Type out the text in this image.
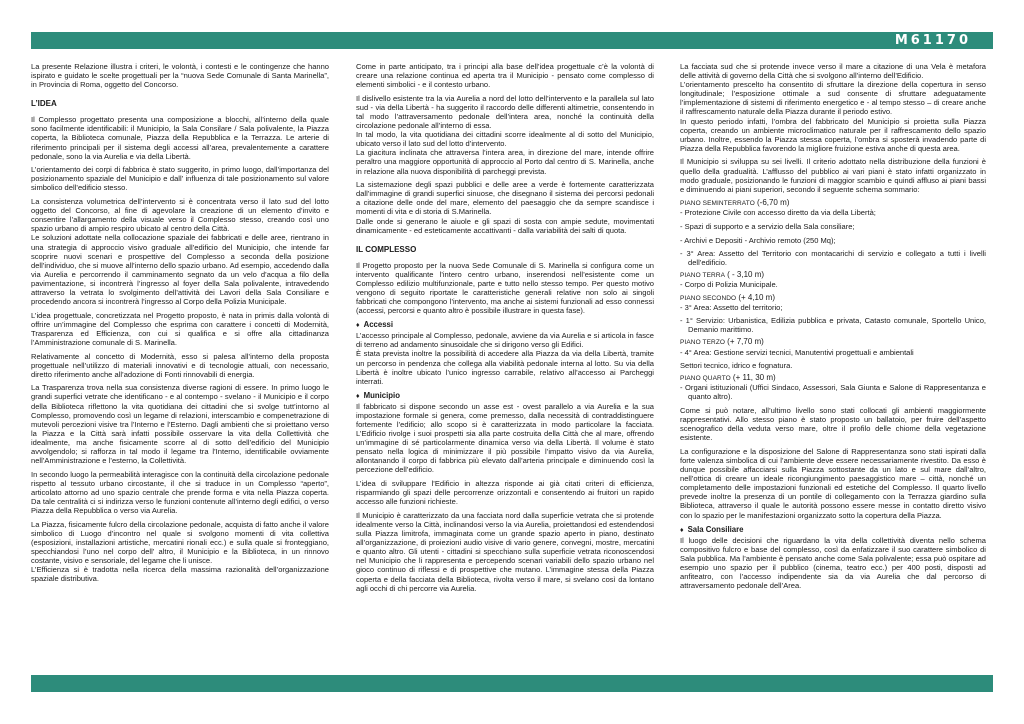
M61170

La presente Relazione illustra i criteri, le volontà, i contesti e le contingenze che hanno ispirato e guidato le scelte progettuali per la “nuova Sede Comunale di Santa Marinella”, in Provincia di Roma, oggetto del Concorso.

L’IDEA

Il Complesso progettato presenta una composizione a blocchi, all’interno della quale sono facilmente identificabili: il Municipio, la Sala Consilare / Sala polivalente, la Piazza coperta, la Biblioteca comunale, Piazza della Repubblica e la Terrazza. Le arterie di riferimento principali per il sistema degli accessi all’area, prevalentemente a carattere pedonale, sono la via Aurelia e via della Libertà.

L’orientamento dei corpi di fabbrica è stato suggerito, in primo luogo, dall’importanza del posizionamento spaziale del Municipio e dall’ influenza di tale posizionamento sul valore simbolico dell’edificio stesso.

La consistenza volumetrica dell’intervento si è concentrata verso il lato sud del lotto oggetto del Concorso, al fine di agevolare la creazione di un elemento d’invito e consentire l’allargamento della visuale verso il Complesso stesso, creando così uno spazio urbano di ampio respiro ubicato al centro della Città.

Le soluzioni adottate nella collocazione spaziale dei fabbricati e delle aree, rientrano in una strategia di approccio visivo graduale all’edificio del Municipio, che intende far scoprire nuovi scenari e prospettive del Complesso a seconda della posizione dell’individuo, che si muove all’interno dello spazio urbano. Ad esempio, accedendo dalla via Aurelia e percorrendo il camminamento segnato da un velo d’acqua a filo della pavimentazione, si incontrerà l’ingresso al foyer della Sala polivalente, intravedendo attraverso la vetrata lo svolgimento dell’attività dei Lavori della Sala Consiliare e procedendo ancora si incontrerà l’ingresso al Corpo della Polizia Municipale.

L’idea progettuale, concretizzata nel Progetto proposto, è nata in primis dalla volontà di offrire un’immagine del Complesso che esprima con carattere i concetti di Modernità, Trasparenza ed Efficienza, con cui si qualifica e si offre alla cittadinanza l’Amministrazione comunale di S. Marinella.

Relativamente al concetto di Modernità, esso si palesa all’interno della proposta progettuale nell’utilizzo di materiali innovativi e di tecnologie attuali, con necessario, diretto riferimento anche all’adozione di Fonti rinnovabili di energia.

La Trasparenza trova nella sua consistenza diverse ragioni di essere. In primo luogo le grandi superfici vetrate che identificano - e al contempo - svelano - il Municipio e il corpo della Biblioteca riflettono la vita quotidiana dei cittadini che si svolge tutt’intorno al Complesso, promovendo così un legame di relazioni, interscambio e compenetrazione di mutevoli percezioni visive tra l’Interno e l’Esterno. Dagli ambienti che si proiettano verso la Piazza e la Città sarà infatti possibile osservare la vita della Collettività che idealmente, ma anche fisicamente scorre al di sotto dell’edificio del Municipio avvolgendolo; si rafforza in tal modo il legame tra l’Interno, identificabile ovviamente nell’Amministrazione e l’esterno, la Collettività.

In secondo luogo la permeabilità interagisce con la continuità della circolazione pedonale rispetto al tessuto urbano circostante, il che si traduce in un Complesso “aperto”, articolato attorno ad uno spazio centrale che prende forma e vita nella Piazza coperta. Da tale centralità ci si indirizza verso le funzioni contenute all’interno degli edifici, o verso Piazza della Repubblica o verso via Aurelia.

La Piazza, fisicamente fulcro della circolazione pedonale, acquista di fatto anche il valore simbolico di Luogo d’incontro nel quale si svolgono momenti di vita collettiva (esposizioni, installazioni artistiche, mercatini rionali ecc.) e sulla quale si fronteggiano, specchiandosi l’uno nel corpo dell’ altro, il Municipio e la Biblioteca, in un rinnovo costante, visivo e sensoriale, del legame che li unisce.

L’Efficienza si è tradotta nella ricerca della massima razionalità dell’organizzazione spaziale distributiva.

Come in parte anticipato, tra i principi alla base dell’idea progettuale c’è la volontà di creare una relazione continua ed aperta tra il Municipio - pensato come complesso di elementi simbolici - e il contesto urbano.

Il dislivello esistente tra la via Aurelia a nord del lotto dell’intervento e la parallela sul lato sud - via della Libertà - ha suggerito il raccordo delle differenti altimetrie, consentendo in tal modo l’attraversamento pedonale dell’intera area, nonché la continuità della circolazione pedonale all’interno di essa.

In tal modo, la vita quotidiana dei cittadini scorre idealmente al di sotto del Municipio, ubicato verso il lato sud del lotto d’intervento.

La giacitura inclinata che attraversa l’intera area, in direzione del mare, intende offrire peraltro una maggiore opportunità di approccio al Porto dal centro di S. Marinella, anche in relazione alla nuova disponibilità di parcheggi prevista.

La sistemazione degli spazi pubblici e delle aree a verde è fortemente caratterizzata dall’immagine di grandi superfici sinuose, che disegnano il sistema dei percorsi pedonali a citazione delle onde del mare, elemento del paesaggio che da sempre scandisce i momenti di vita e di storia di S.Marinella.

Dalle onde si generano le aiuole e gli spazi di sosta con ampie sedute, movimentati dinamicamente - ed esteticamente accattivanti - dalla variabilità dei salti di quota.

IL COMPLESSO

Il Progetto proposto per la nuova Sede Comunale di S. Marinella si configura come un intervento qualificante l’intero centro urbano, inserendosi nell’esistente come un Complesso edilizio multifunzionale, parte e tutto nello stesso tempo. Per questo motivo vengono di seguito riportate le caratteristiche generali relative non solo ai singoli fabbricati che compongono l’intervento, ma anche ai sistemi funzionali ad esso connessi (accessi, percorsi e quanto altro è possibile illustrare in questa fase).

♦ Accessi

L’accesso principale al Complesso, pedonale, avviene da via Aurelia e si articola in fasce di terreno ad andamento sinusoidale che si dirigono verso gli Edifici.

È stata prevista inoltre la possibilità di accedere alla Piazza da via della Libertà, tramite un percorso in pendenza che collega alla viabilità pedonale interna al lotto. Su via della Libertà è inoltre ubicato l’unico ingresso carrabile, relativo all’accesso ai Parcheggi interrati.

♦ Municipio

Il fabbricato si dispone secondo un asse est - ovest parallelo a via Aurelia e la sua impostazione formale si genera, come premesso, dalla necessità di contraddistinguere fortemente l’edificio; allo scopo si è caratterizzata in modo particolare la facciata. L’Edificio rivolge i suoi prospetti sia alla parte costruita della Città che al mare, offrendo un’immagine di sé particolarmente dinamica verso via della Libertà. Il volume è stato pensato nella logica di minimizzare il più possibile l’impatto visivo da via Aurelia, allontanando il corpo di fabbrica più elevato dall’arteria principale e diminuendo così la percezione dell’edificio.

L’idea di sviluppare l’Edificio in altezza risponde ai già citati criteri di efficienza, risparmiando gli spazi delle percorrenze orizzontali e consentendo ai fruitori un rapido accesso alle funzioni richieste.

Il Municipio è caratterizzato da una facciata nord dalla superficie vetrata che si protende idealmente verso la Città, inclinandosi verso la via Aurelia, proiettandosi ed estendendosi sulla Piazza limitrofa, immaginata come un grande spazio aperto in piano, destinato all’organizzazione, di proiezioni audio visive di vario genere, convegni, mostre, mercatini e quanto altro. Gli utenti - cittadini si specchiano sulla superficie vetrata riconoscendosi nel Municipio che li rappresenta e percependo scenari variabili dello spazio urbano nel gioco continuo di riflessi e di prospettive che mutano. L’immagine stessa della Piazza coperta e della facciata della Biblioteca, rivolta verso il mare, si svelano così da lontano agli occhi di chi percorre via Aurelia.

La facciata sud che si protende invece verso il mare a citazione di una Vela è metafora delle attività di governo della Città che si svolgono all’interno dell’Edificio.

L’orientamento prescelto ha consentito di sfruttare la direzione della copertura in senso longitudinale; l’esposizione ottimale a sud consente di sfruttare adeguatamente l’implementazione di sistemi di riferimento energetico e - al tempo stesso – di creare anche il raffrescamento naturale della Piazza durante il periodo estivo.

In questo periodo infatti, l’ombra del fabbricato del Municipio si proietta sulla Piazza coperta, creando un ambiente microclimatico naturale per il raffrescamento dello spazio urbano. Inoltre, essendo la Piazza stessa coperta, l’ombra si sposterà invadendo parte di Piazza della Repubblica favorendo la migliore fruizione estiva anche di questa area.

Il Municipio si sviluppa su sei livelli. Il criterio adottato nella distribuzione della funzioni è quello della gradualità. L’afflusso del pubblico ai vari piani è stato infatti organizzato in modo graduale, posizionando le funzioni di maggior scambio e quindi affluso ai piani bassi e diminuendo ai piani superiori, secondo il seguente schema sommario:

PIANO SEMINTERRATO (-6,70 m)

- Protezione Civile con accesso diretto da via della Libertà;

- Spazi di supporto e a servizio della Sala consiliare;

- Archivi e Depositi - Archivio remoto (250 Mq);

- 3° Area: Assetto del Territorio con montacarichi di servizio e collegato a tutti i livelli dell’edificio.

PIANO TERRA ( - 3,10 m)

- Corpo di Polizia Municipale.

PIANO SECONDO (+ 4,10 m)

- 3° Area: Assetto del territorio;

- 1° Servizio: Urbanistica, Edilizia pubblica e privata, Catasto comunale, Sportello Unico, Demanio marittimo.

PIANO TERZO (+ 7,70 m)

- 4° Area: Gestione servizi tecnici, Manutentivi progettuali e ambientali

Settori tecnico, idrico e fognatura.

PIANO QUARTO (+ 11, 30 m)

- Organi istituzionali (Uffici Sindaco, Assessori, Sala Giunta e Salone di Rappresentanza e quanto altro).

Come si può notare, all’ultimo livello sono stati collocati gli ambienti maggiormente rappresentativi. Allo stesso piano è stato proposto un ballatoio, per fruire dell’aspetto scenografico della veduta verso mare, oltre il profilo delle chiome della vegetazione esistente.

La configurazione e la disposizione del Salone di Rappresentanza sono stati ispirati dalla forte valenza simbolica di cui l’ambiente deve essere necessariamente rivestito. Da esso è dunque possibile affacciarsi sulla Piazza sottostante da un lato e sul mare dall’altro, nell’ottica di creare un ideale ricongiungimento paesaggistico mare – città, nonché un completamento delle impostazioni funzionali ed estetiche del Complesso. Il quarto livello prevede inoltre la presenza di un pontile di collegamento con la Terrazza giardino sulla Biblioteca, attraverso il quale le autorità possono essere messe in contatto diretto visivo con lo spazio per le manifestazioni organizzato sotto la copertura della Piazza.

♦ Sala Consiliare

Il luogo delle decisioni che riguardano la vita della collettività diventa nello schema compositivo fulcro e base del complesso, così da enfatizzare il suo carattere simbolico di Sala pubblica. Ma l’ambiente è pensato anche come Sala polivalente; essa può ospitare ad esempio uno spazio per il pubblico (cinema, teatro ecc.) per 400 posti, disposti ad anfiteatro, con l’accesso indipendente sia da via Aurelia che dal percorso di attraversamento pedonale dell’Area.
